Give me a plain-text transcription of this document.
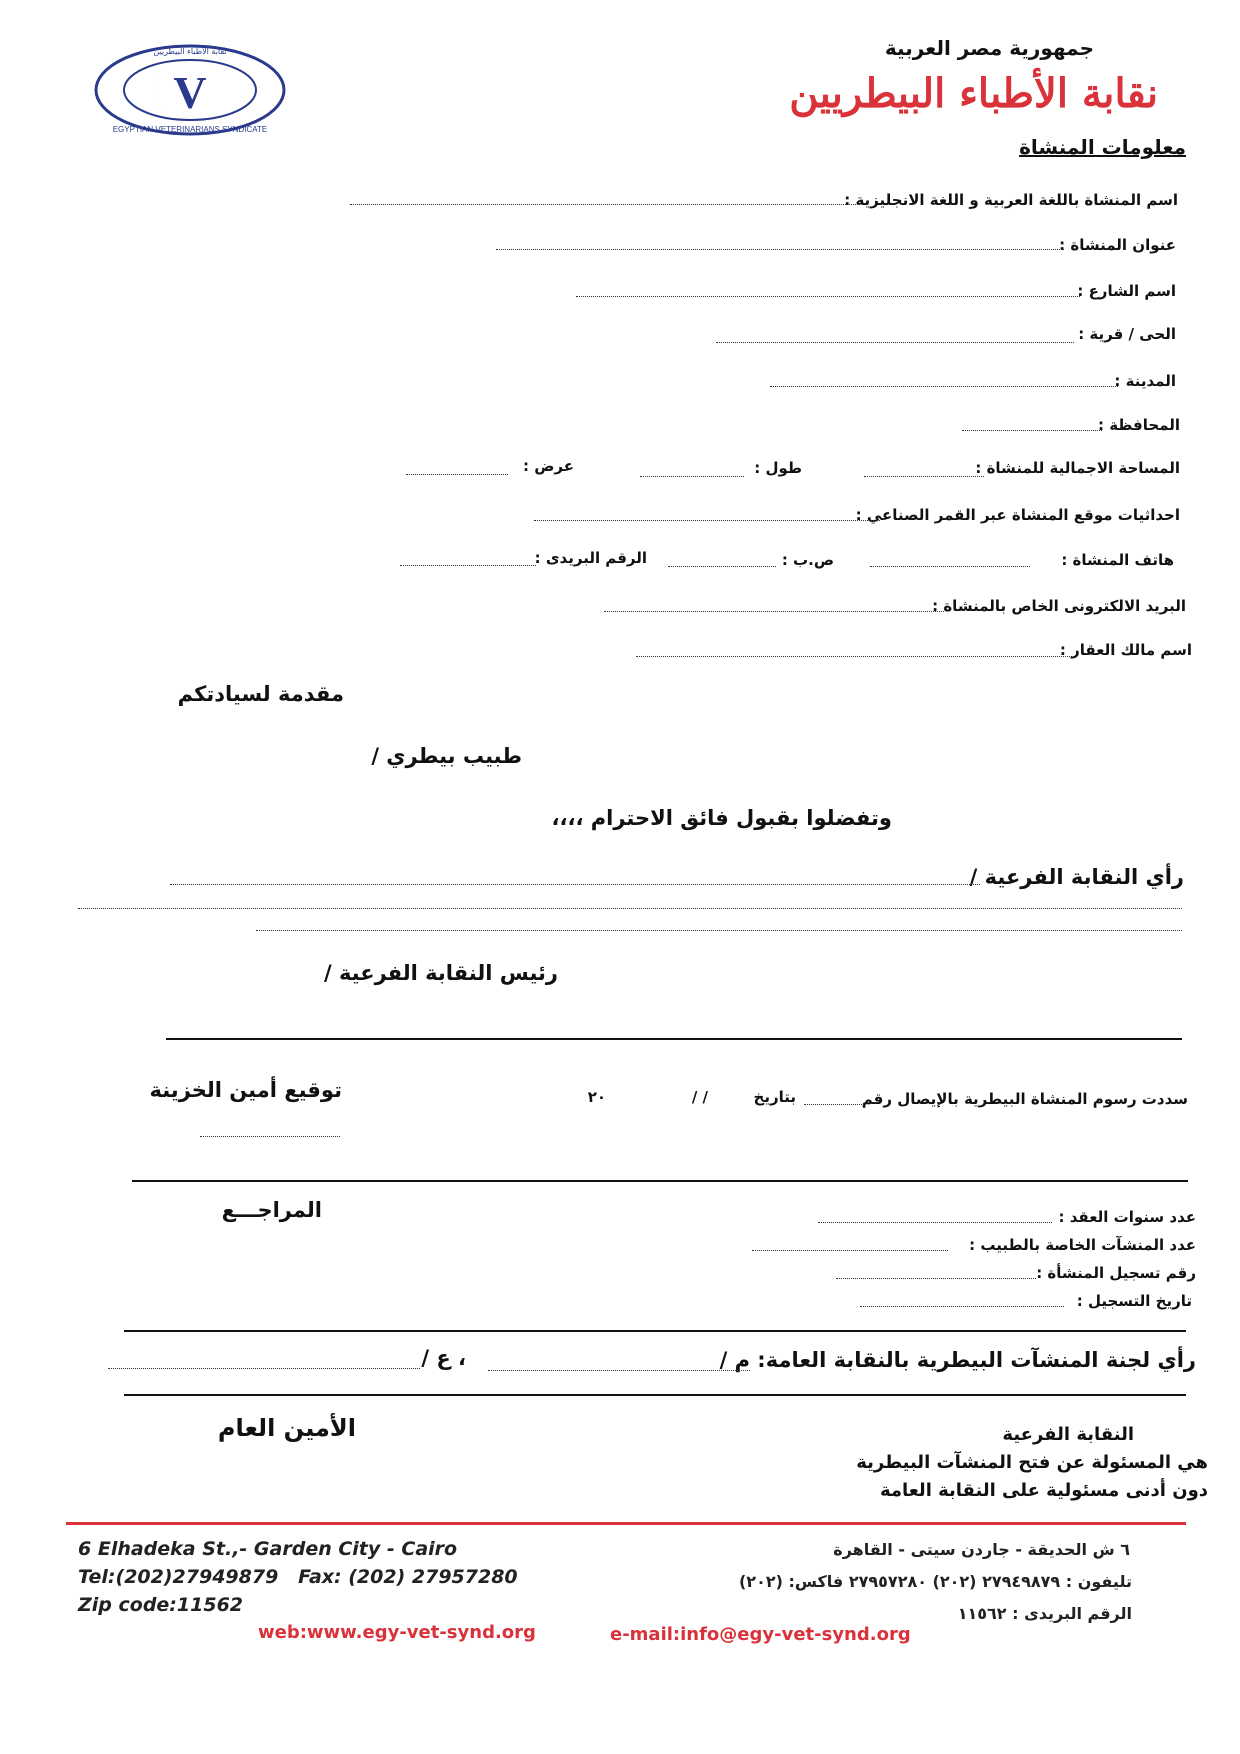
V
EGYPTIAN VETERINARIANS SYNDICATE
نقابة الأطباء البيطريين	جمهورية مصر العربية
نقابة الأطباء البيطريين
معلومات المنشاة
اسم المنشاة باللغة العربية و اللغة الانجليزية :
عنوان المنشاة :
اسم الشارع :
الحى / قرية :
المدينة :
المحافظة :
المساحة الاجمالية للمنشاة :
طول :
عرض :
احداثيات موقع المنشاة عبر القمر الصناعي :
هاتف المنشاة :
ص.ب :
الرقم البريدى :
البريد الالكترونى الخاص بالمنشاة :
اسم مالك العقار :
مقدمة لسيادتكم
طبيب بيطري /
وتفضلوا بقبول فائق الاحترام ،،،،
رأي النقابة الفرعية /
رئيس النقابة الفرعية /
سددت رسوم المنشاة البيطرية بالإيصال رقم
بتاريخ
/ /
٢٠
توقيع أمين الخزينة
عدد سنوات العقد :
عدد المنشآت الخاصة بالطبيب :
رقم تسجيل المنشأة :
تاريخ التسجيل :
المراجـــع
رأي لجنة المنشآت البيطرية بالنقابة العامة: م /
، ع /
الأمين العام	النقابة الفرعية
هي المسئولة عن فتح المنشآت البيطرية
دون أدنى مسئولية على النقابة العامة
6 Elhadeka St.,- Garden City - Cairo
Tel:(202)27949879   Fax: (202) 27957280
Zip code:11562
web:www.egy-vet-synd.org
٦ ش الحديقة - جاردن سيتى - القاهرة
تليفون : ٢٧٩٤٩٨٧٩ (٢٠٢) ٢٧٩٥٧٢٨٠ فاكس: (٢٠٢)
الرقم البريدى : ١١٥٦٢
e-mail:info@egy-vet-synd.org
